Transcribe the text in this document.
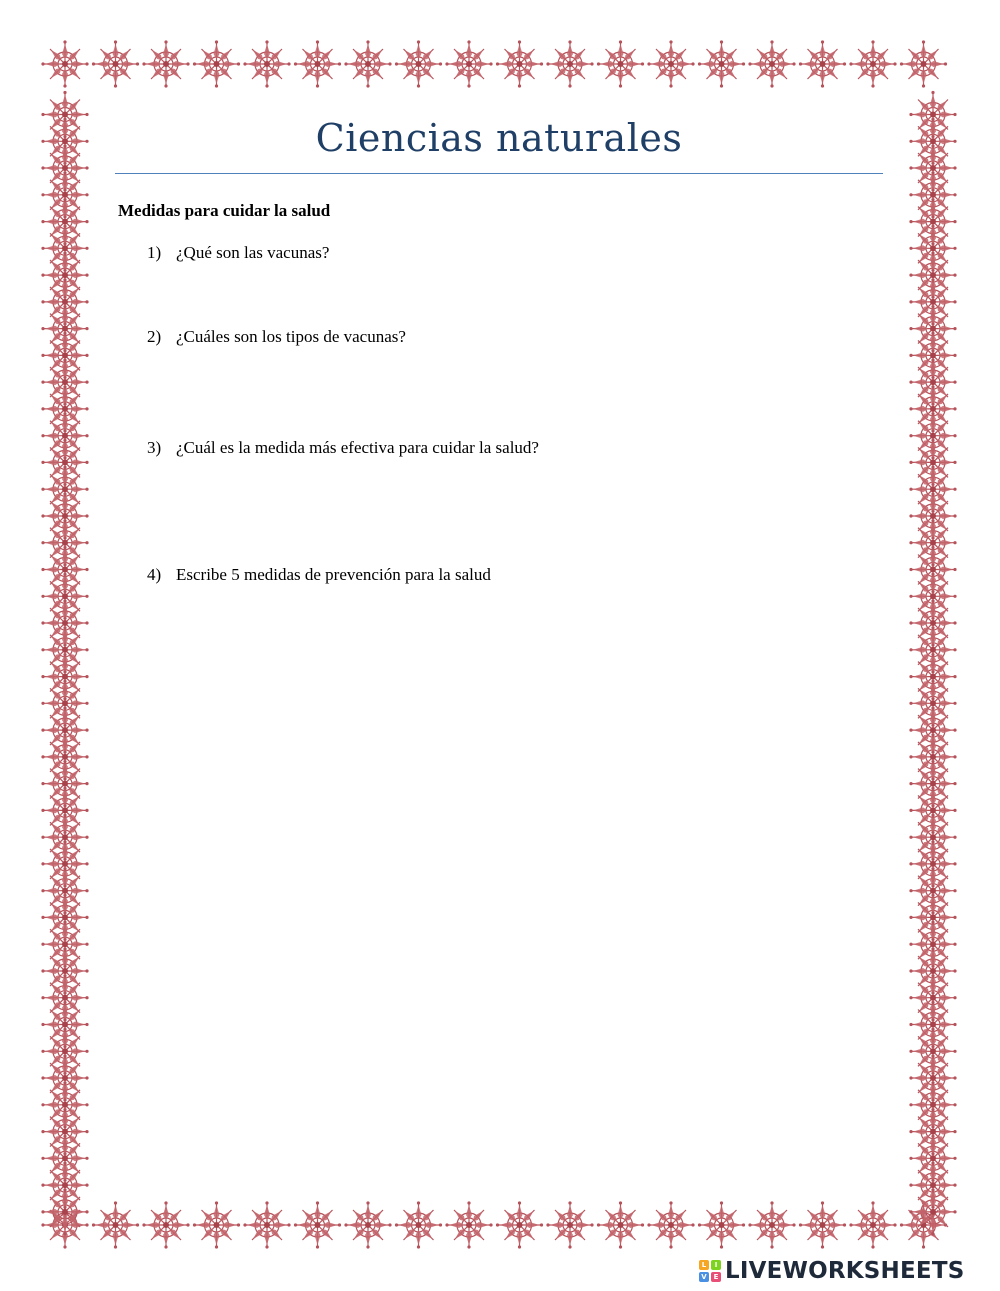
Ciencias naturales
Medidas para cuidar la salud
1) ¿Qué son las vacunas?
2) ¿Cuáles son los tipos de vacunas?
3) ¿Cuál es la medida más efectiva para cuidar la salud?
4) Escribe 5 medidas de prevención para la salud
L	I
V E LIVEWORKSHEETS
